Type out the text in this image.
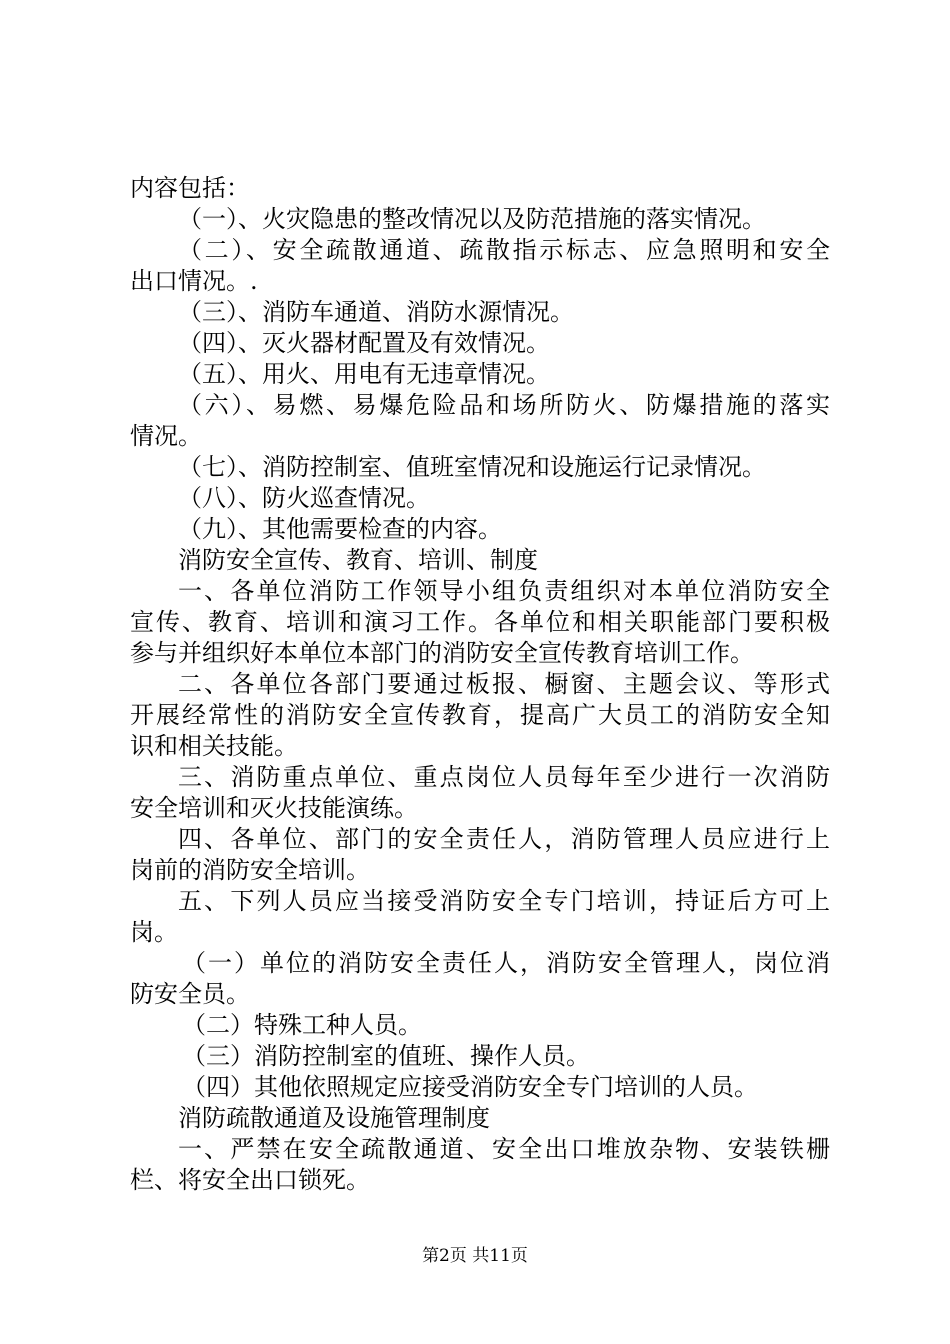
内容包括：
（一）、火灾隐患的整改情况以及防范措施的落实情况。
（二）、安全疏散通道、疏散指示标志、应急照明和安全
出口情况。.
（三）、消防车通道、消防水源情况。
（四）、灭火器材配置及有效情况。
（五）、用火、用电有无违章情况。
（六）、易燃、易爆危险品和场所防火、防爆措施的落实
情况。
（七）、消防控制室、值班室情况和设施运行记录情况。
（八）、防火巡查情况。
（九）、其他需要检查的内容。
消防安全宣传、教育、培训、制度
一、各单位消防工作领导小组负责组织对本单位消防安全
宣传、教育、培训和演习工作。各单位和相关职能部门要积极
参与并组织好本单位本部门的消防安全宣传教育培训工作。
二、各单位各部门要通过板报、橱窗、主题会议、等形式
开展经常性的消防安全宣传教育，提高广大员工的消防安全知
识和相关技能。
三、消防重点单位、重点岗位人员每年至少进行一次消防
安全培训和灭火技能演练。
四、各单位、部门的安全责任人，消防管理人员应进行上
岗前的消防安全培训。
五、下列人员应当接受消防安全专门培训，持证后方可上
岗。
（一）单位的消防安全责任人，消防安全管理人，岗位消
防安全员。
（二）特殊工种人员。
（三）消防控制室的值班、操作人员。
（四）其他依照规定应接受消防安全专门培训的人员。
消防疏散通道及设施管理制度
一、严禁在安全疏散通道、安全出口堆放杂物、安装铁栅
栏、将安全出口锁死。
第2页 共11页
